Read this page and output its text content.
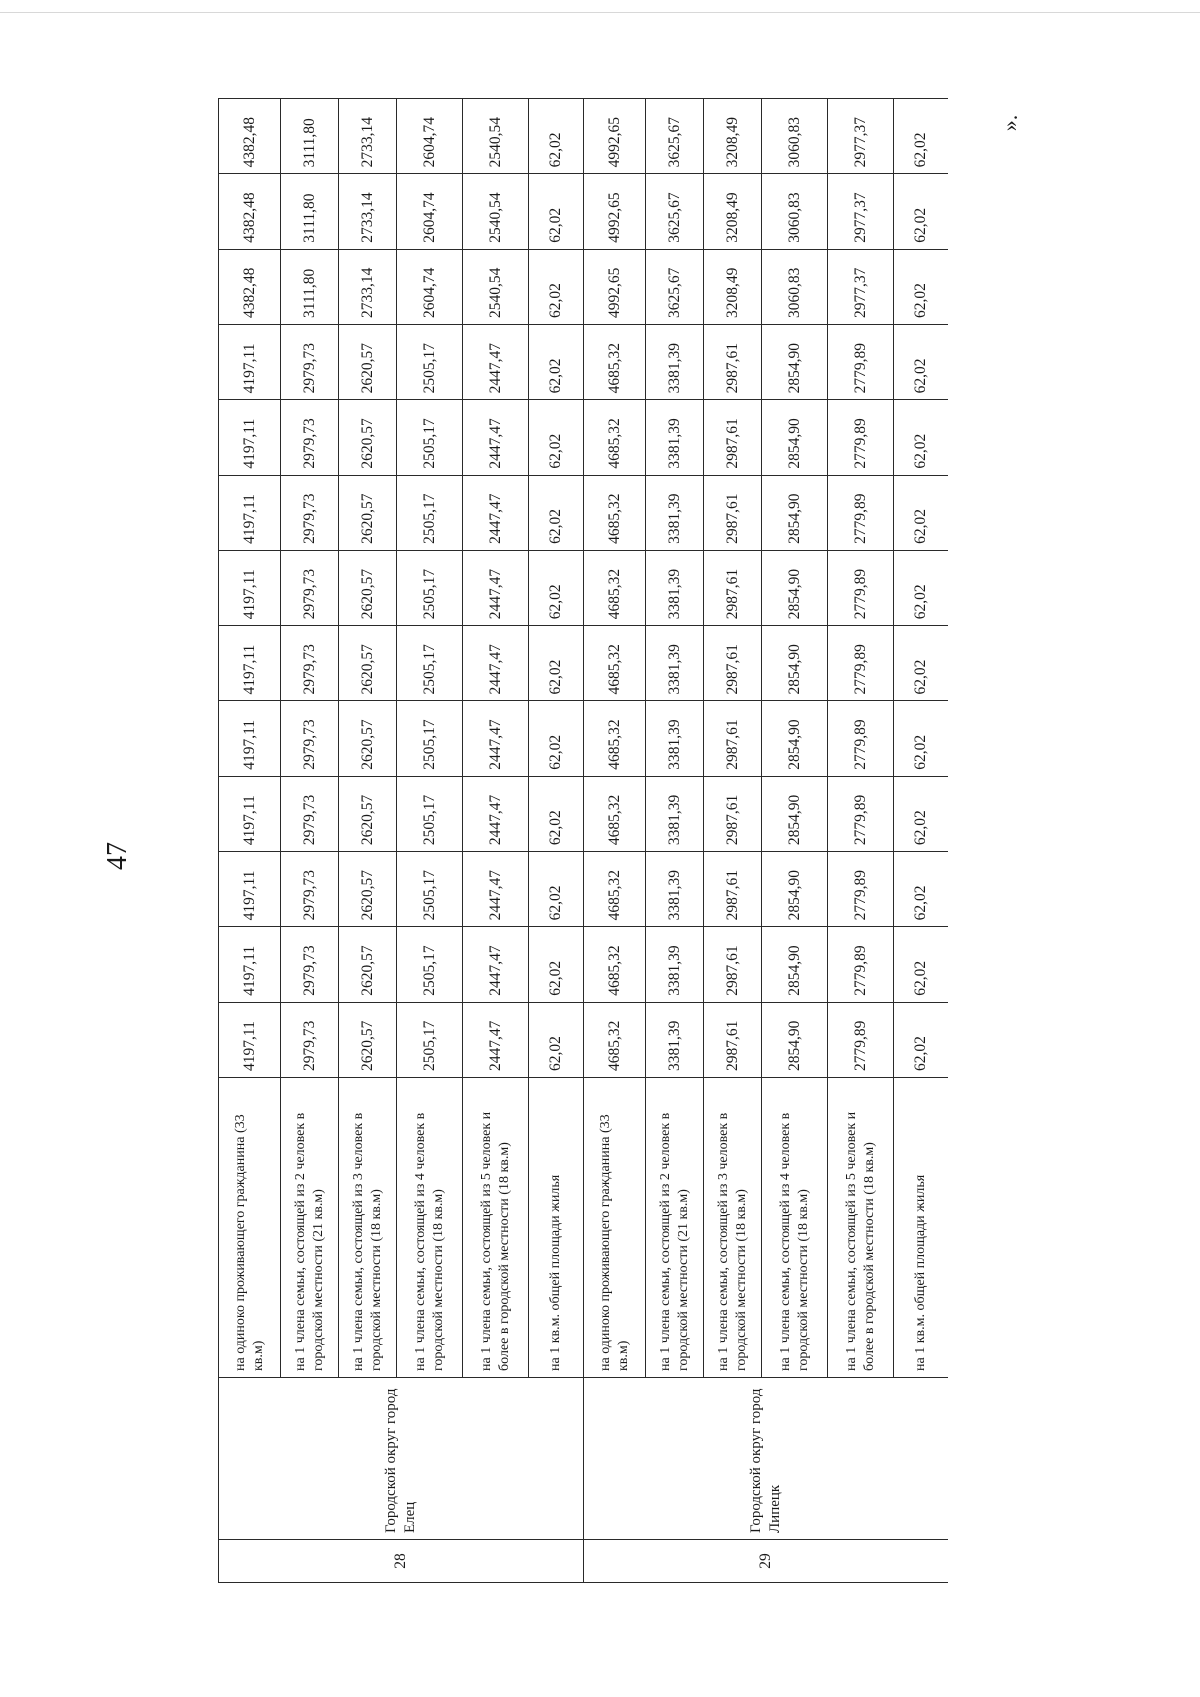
47
28	Городской округ город Елец	на одиноко проживающего гражданина (33 кв.м)	4197,11	4197,11	4197,11	4197,11	4197,11	4197,11	4197,11	4197,11	4197,11	4197,11	4382,48	4382,48	4382,48
		на 1 члена семьи, состоящей из 2 человек в городской местности (21 кв.м)	2979,73	2979,73	2979,73	2979,73	2979,73	2979,73	2979,73	2979,73	2979,73	2979,73	3111,80	3111,80	3111,80
		на 1 члена семьи, состоящей из 3 человек в городской местности (18 кв.м)	2620,57	2620,57	2620,57	2620,57	2620,57	2620,57	2620,57	2620,57	2620,57	2620,57	2733,14	2733,14	2733,14
		на 1 члена семьи, состоящей из 4 человек в городской местности (18 кв.м)	2505,17	2505,17	2505,17	2505,17	2505,17	2505,17	2505,17	2505,17	2505,17	2505,17	2604,74	2604,74	2604,74
		на 1 члена семьи, состоящей из 5 человек и более в городской местности (18 кв.м)	2447,47	2447,47	2447,47	2447,47	2447,47	2447,47	2447,47	2447,47	2447,47	2447,47	2540,54	2540,54	2540,54
		на 1 кв.м. общей площади жилья	62,02	62,02	62,02	62,02	62,02	62,02	62,02	62,02	62,02	62,02	62,02	62,02	62,02
29	Городской округ город Липецк	на одиноко проживающего гражданина (33 кв.м)	4685,32	4685,32	4685,32	4685,32	4685,32	4685,32	4685,32	4685,32	4685,32	4685,32	4992,65	4992,65	4992,65
		на 1 члена семьи, состоящей из 2 человек в городской местности (21 кв.м)	3381,39	3381,39	3381,39	3381,39	3381,39	3381,39	3381,39	3381,39	3381,39	3381,39	3625,67	3625,67	3625,67
		на 1 члена семьи, состоящей из 3 человек в городской местности (18 кв.м)	2987,61	2987,61	2987,61	2987,61	2987,61	2987,61	2987,61	2987,61	2987,61	2987,61	3208,49	3208,49	3208,49
		на 1 члена семьи, состоящей из 4 человек в городской местности (18 кв.м)	2854,90	2854,90	2854,90	2854,90	2854,90	2854,90	2854,90	2854,90	2854,90	2854,90	3060,83	3060,83	3060,83
		на 1 члена семьи, состоящей из 5 человек и более в городской местности (18 кв.м)	2779,89	2779,89	2779,89	2779,89	2779,89	2779,89	2779,89	2779,89	2779,89	2779,89	2977,37	2977,37	2977,37
		на 1 кв.м. общей площади жилья	62,02	62,02	62,02	62,02	62,02	62,02	62,02	62,02	62,02	62,02	62,02	62,02	62,02
».
